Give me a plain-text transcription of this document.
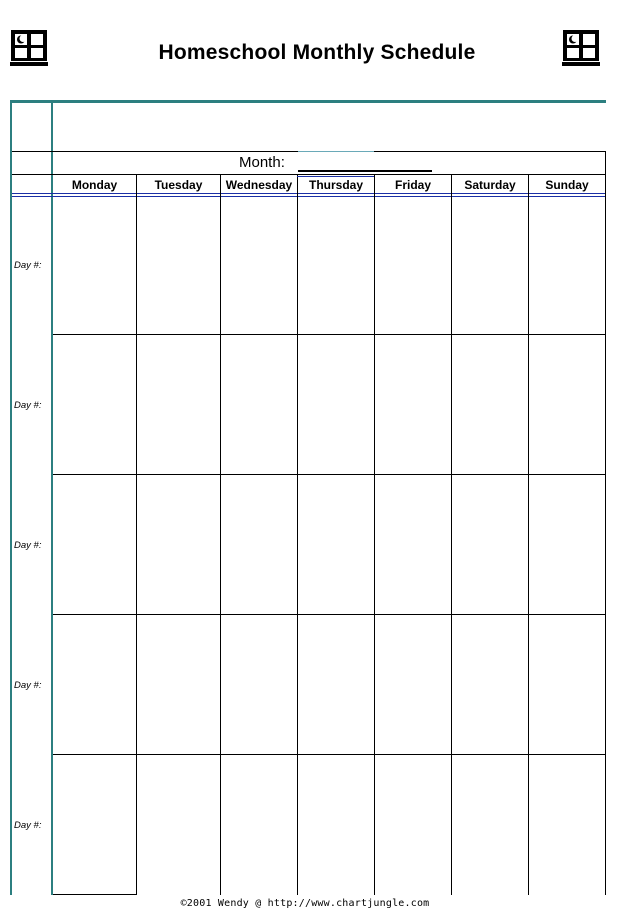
Homeschool Monthly Schedule
Month:
Monday	Tuesday	Wednesday	Thursday	Friday	Saturday	Sunday
Day #:
Day #:
Day #:
Day #:
Day #:
©2001 Wendy @ http://www.chartjungle.com
